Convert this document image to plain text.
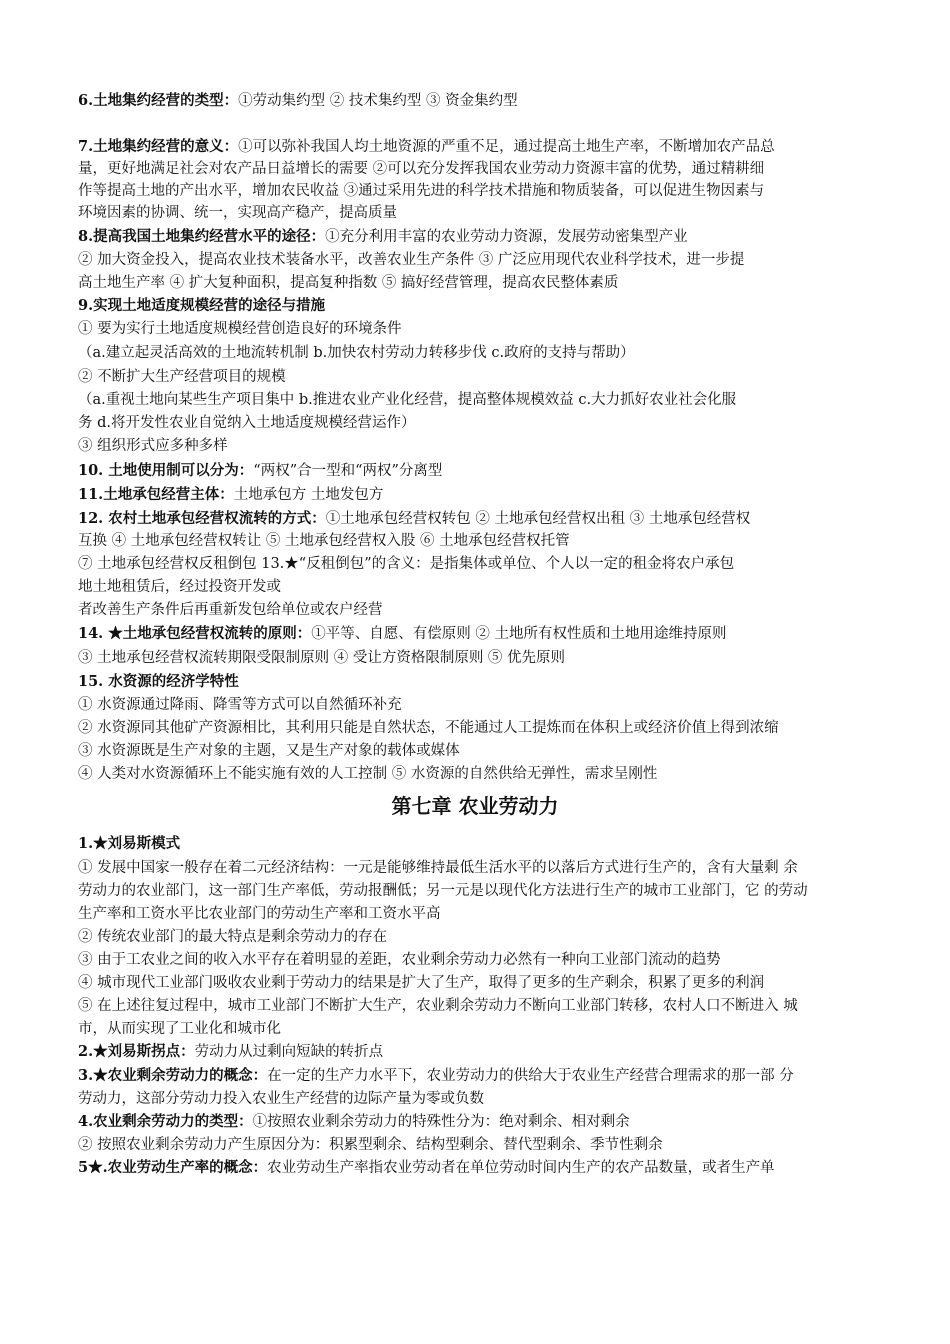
6.土地集约经营的类型：①劳动集约型 ② 技术集约型 ③ 资金集约型
7.土地集约经营的意义：①可以弥补我国人均土地资源的严重不足，通过提高土地生产率，不断增加农产品总
量，更好地满足社会对农产品日益增长的需要 ②可以充分发挥我国农业劳动力资源丰富的优势，通过精耕细
作等提高土地的产出水平，增加农民收益 ③通过采用先进的科学技术措施和物质装备，可以促进生物因素与
环境因素的协调、统一，实现高产稳产，提高质量
8.提高我国土地集约经营水平的途径：①充分利用丰富的农业劳动力资源，发展劳动密集型产业
② 加大资金投入，提高农业技术装备水平，改善农业生产条件 ③ 广泛应用现代农业科学技术，进一步提
高土地生产率 ④ 扩大复种面积，提高复种指数 ⑤ 搞好经营管理，提高农民整体素质
9.实现土地适度规模经营的途径与措施
① 要为实行土地适度规模经营创造良好的环境条件
（a.建立起灵活高效的土地流转机制 b.加快农村劳动力转移步伐 c.政府的支持与帮助）
② 不断扩大生产经营项目的规模
（a.重视土地向某些生产项目集中 b.推进农业产业化经营，提高整体规模效益 c.大力抓好农业社会化服
务 d.将开发性农业自觉纳入土地适度规模经营运作）
③ 组织形式应多种多样
10. 土地使用制可以分为：“两权”合一型和“两权”分离型
11.土地承包经营主体：土地承包方 土地发包方
12. 农村土地承包经营权流转的方式：①土地承包经营权转包 ② 土地承包经营权出租 ③ 土地承包经营权
互换 ④ 土地承包经营权转让 ⑤ 土地承包经营权入股 ⑥ 土地承包经营权托管
⑦ 土地承包经营权反租倒包 13.★“反租倒包”的含义：是指集体或单位、个人以一定的租金将农户承包
地土地租赁后，经过投资开发或
者改善生产条件后再重新发包给单位或农户经营
14. ★土地承包经营权流转的原则：①平等、自愿、有偿原则 ② 土地所有权性质和土地用途维持原则
③ 土地承包经营权流转期限受限制原则 ④ 受让方资格限制原则 ⑤ 优先原则
15. 水资源的经济学特性
① 水资源通过降雨、降雪等方式可以自然循环补充
② 水资源同其他矿产资源相比，其利用只能是自然状态，不能通过人工提炼而在体积上或经济价值上得到浓缩
③ 水资源既是生产对象的主题，又是生产对象的载体或媒体
④ 人类对水资源循环上不能实施有效的人工控制 ⑤ 水资源的自然供给无弹性，需求呈刚性
第七章 农业劳动力
1.★刘易斯模式
① 发展中国家一般存在着二元经济结构：一元是能够维持最低生活水平的以落后方式进行生产的，含有大量剩 余
劳动力的农业部门，这一部门生产率低，劳动报酬低；另一元是以现代化方法进行生产的城市工业部门，它 的劳动
生产率和工资水平比农业部门的劳动生产率和工资水平高
② 传统农业部门的最大特点是剩余劳动力的存在
③ 由于工农业之间的收入水平存在着明显的差距，农业剩余劳动力必然有一种向工业部门流动的趋势
④ 城市现代工业部门吸收农业剩于劳动力的结果是扩大了生产，取得了更多的生产剩余，积累了更多的利润
⑤ 在上述往复过程中，城市工业部门不断扩大生产，农业剩余劳动力不断向工业部门转移，农村人口不断进入 城
市，从而实现了工业化和城市化
2.★刘易斯拐点：劳动力从过剩向短缺的转折点
3.★农业剩余劳动力的概念：在一定的生产力水平下，农业劳动力的供给大于农业生产经营合理需求的那一部 分
劳动力，这部分劳动力投入农业生产经营的边际产量为零或负数
4.农业剩余劳动力的类型：①按照农业剩余劳动力的特殊性分为：绝对剩余、相对剩余
② 按照农业剩余劳动力产生原因分为：积累型剩余、结构型剩余、替代型剩余、季节性剩余
5★.农业劳动生产率的概念：农业劳动生产率指农业劳动者在单位劳动时间内生产的农产品数量，或者生产单
